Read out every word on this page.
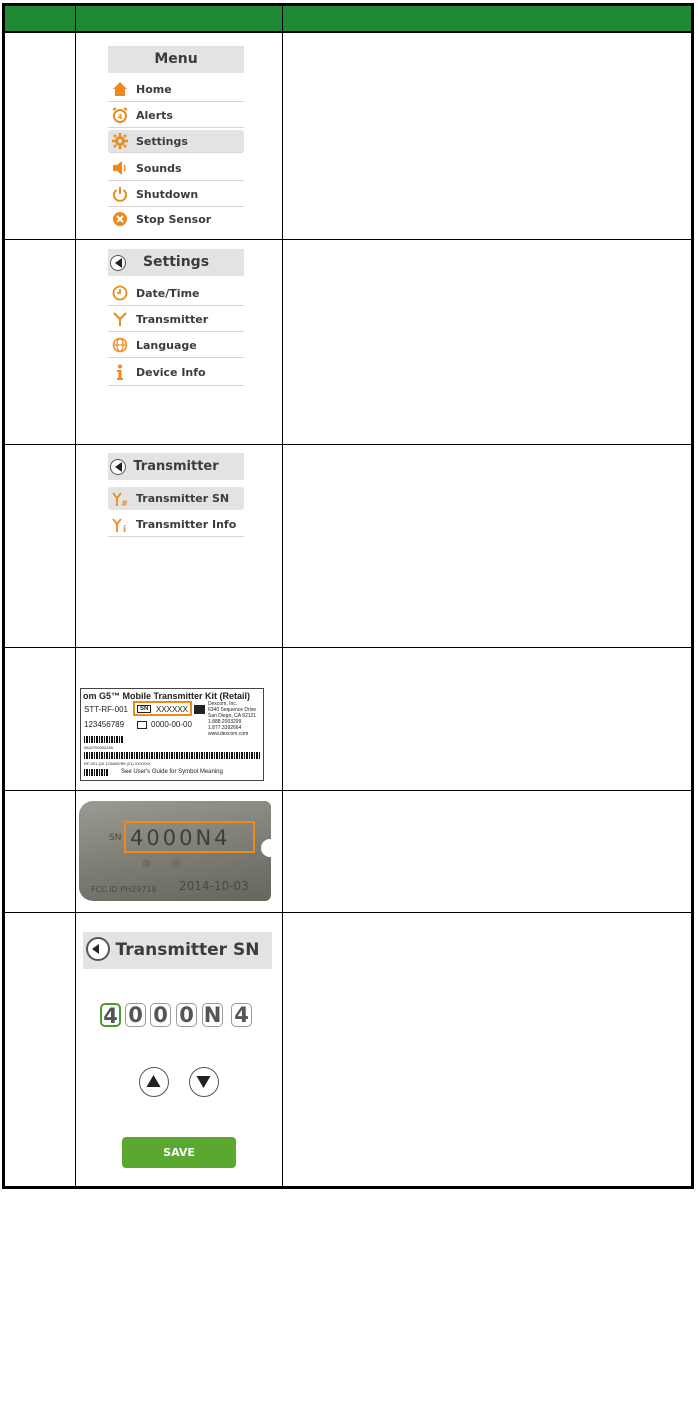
Menu
Home
4 Alerts
Settings
Sounds
Shutdown
Stop Sensor
Settings
Date/Time
Transmitter
Language
Device Info
Transmitter
# Transmitter SN
i Transmitter Info
om G5™ Mobile Transmitter Kit (Retail)
STT-RF-001	SN XXXXXX
123456789	0000-00-00
Dexcom, Inc.
6340 Sequence Drive
San Diego, CA 92121
1.888.2003299
1.877.3392664
www.dexcom.com
0842700002285
RF-001 (10 123456789 (21) XXXXXX
See User's Guide for Symbol Meaning
SN 4000N4
FCC ID PH29718 2014-10-03
Transmitter SN
4 0 0 0 N 4
SAVE
